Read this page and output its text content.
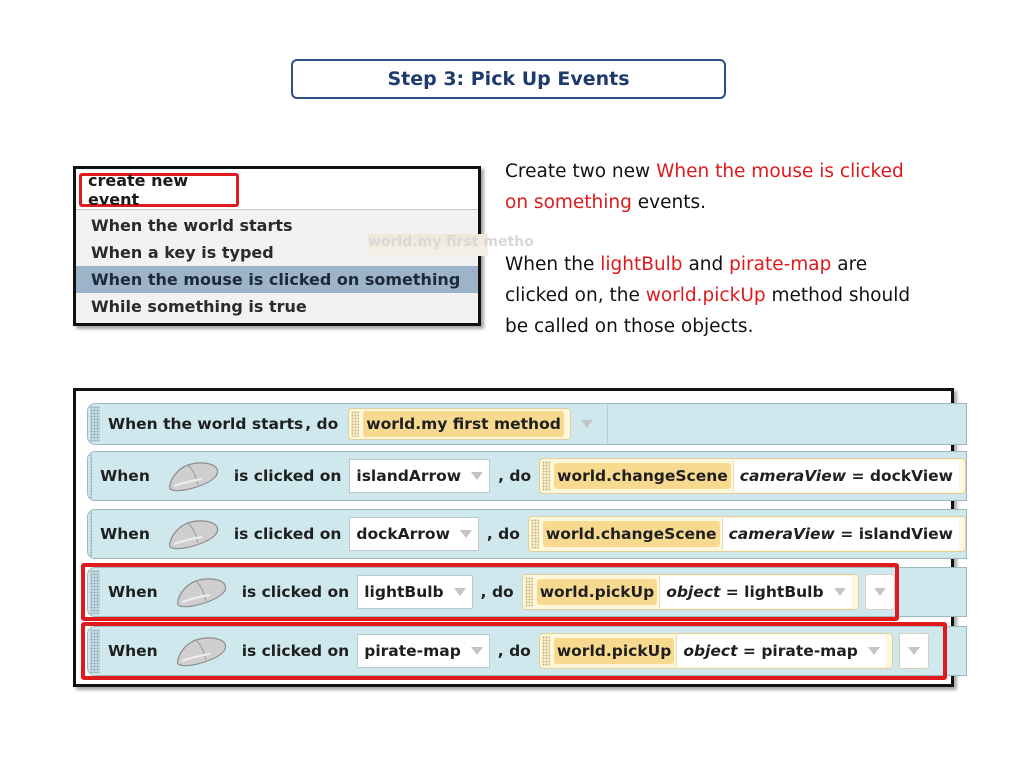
Step 3: Pick Up Events
create new event
When the world starts
When a key is typed
When the mouse is clicked on something
While something is true
world.my first metho

Create two new When the mouse is clicked on something events.

When the lightBulb and pirate-map are clicked on, the world.pickUp method should be called on those objects.

When the world starts , do world.my first method
When	is clicked on islandArrow , do world.changeScene cameraView
=
dockView
When	is clicked on dockArrow , do world.changeScene cameraView
=
islandView
When	is clicked on lightBulb , do world.pickUp object
=
lightBulb
When	is clicked on pirate-map , do world.pickUp object
=
pirate-map
